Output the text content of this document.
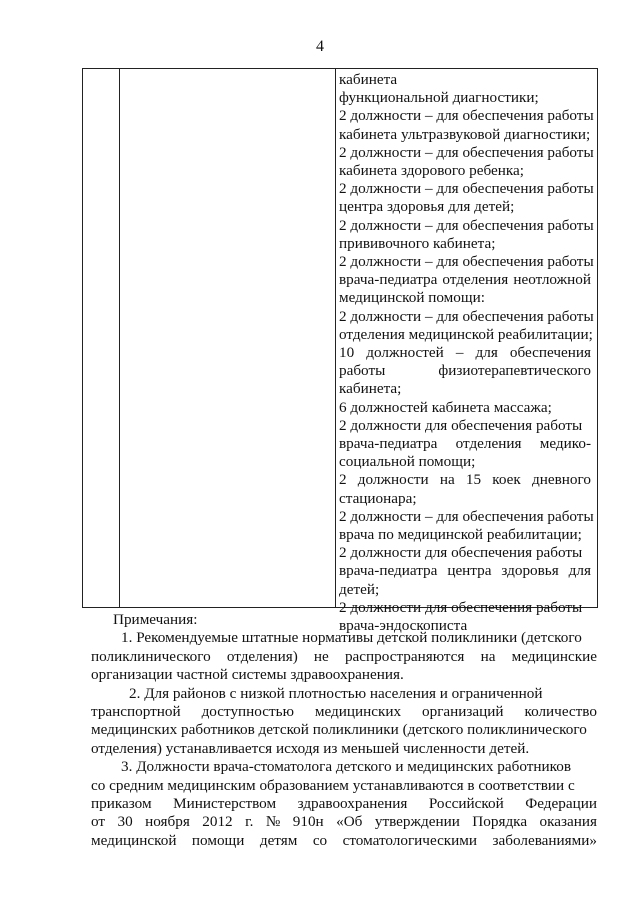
4
кабинета
функциональной диагностики;
2 должности – для обеспечения работы
кабинета ультразвуковой диагностики;
2 должности – для обеспечения работы
кабинета здорового ребенка;
2 должности – для обеспечения работы
центра здоровья для детей;
2 должности – для обеспечения работы
прививочного кабинета;
2 должности – для обеспечения работы
врача-педиатра отделения неотложной
медицинской помощи:
2 должности – для обеспечения работы
отделения медицинской реабилитации;
10 должностей – для обеспечения
работы	физиотерапевтического
кабинета;
6 должностей кабинета массажа;
2 должности для обеспечения работы
врача-педиатра отделения медико-
социальной помощи;
2 должности на 15 коек дневного
стационара;
2 должности – для обеспечения работы
врача по медицинской реабилитации;
2 должности для обеспечения работы
врача-педиатра центра здоровья для
детей;
2 должности для обеспечения работы
врача-эндоскописта
Примечания:
1. Рекомендуемые штатные нормативы детской поликлиники (детского
поликлинического отделения) не распространяются на медицинские
организации частной системы здравоохранения.
2. Для районов с низкой плотностью населения и ограниченной
транспортной доступностью медицинских организаций количество
медицинских работников детской поликлиники (детского поликлинического
отделения) устанавливается исходя из меньшей численности детей.
3. Должности врача-стоматолога детского и медицинских работников
со средним медицинским образованием устанавливаются в соответствии с
приказом Министерством здравоохранения Российской Федерации
от 30 ноября 2012 г. № 910н «Об утверждении Порядка оказания
медицинской помощи детям со стоматологическими заболеваниями»
